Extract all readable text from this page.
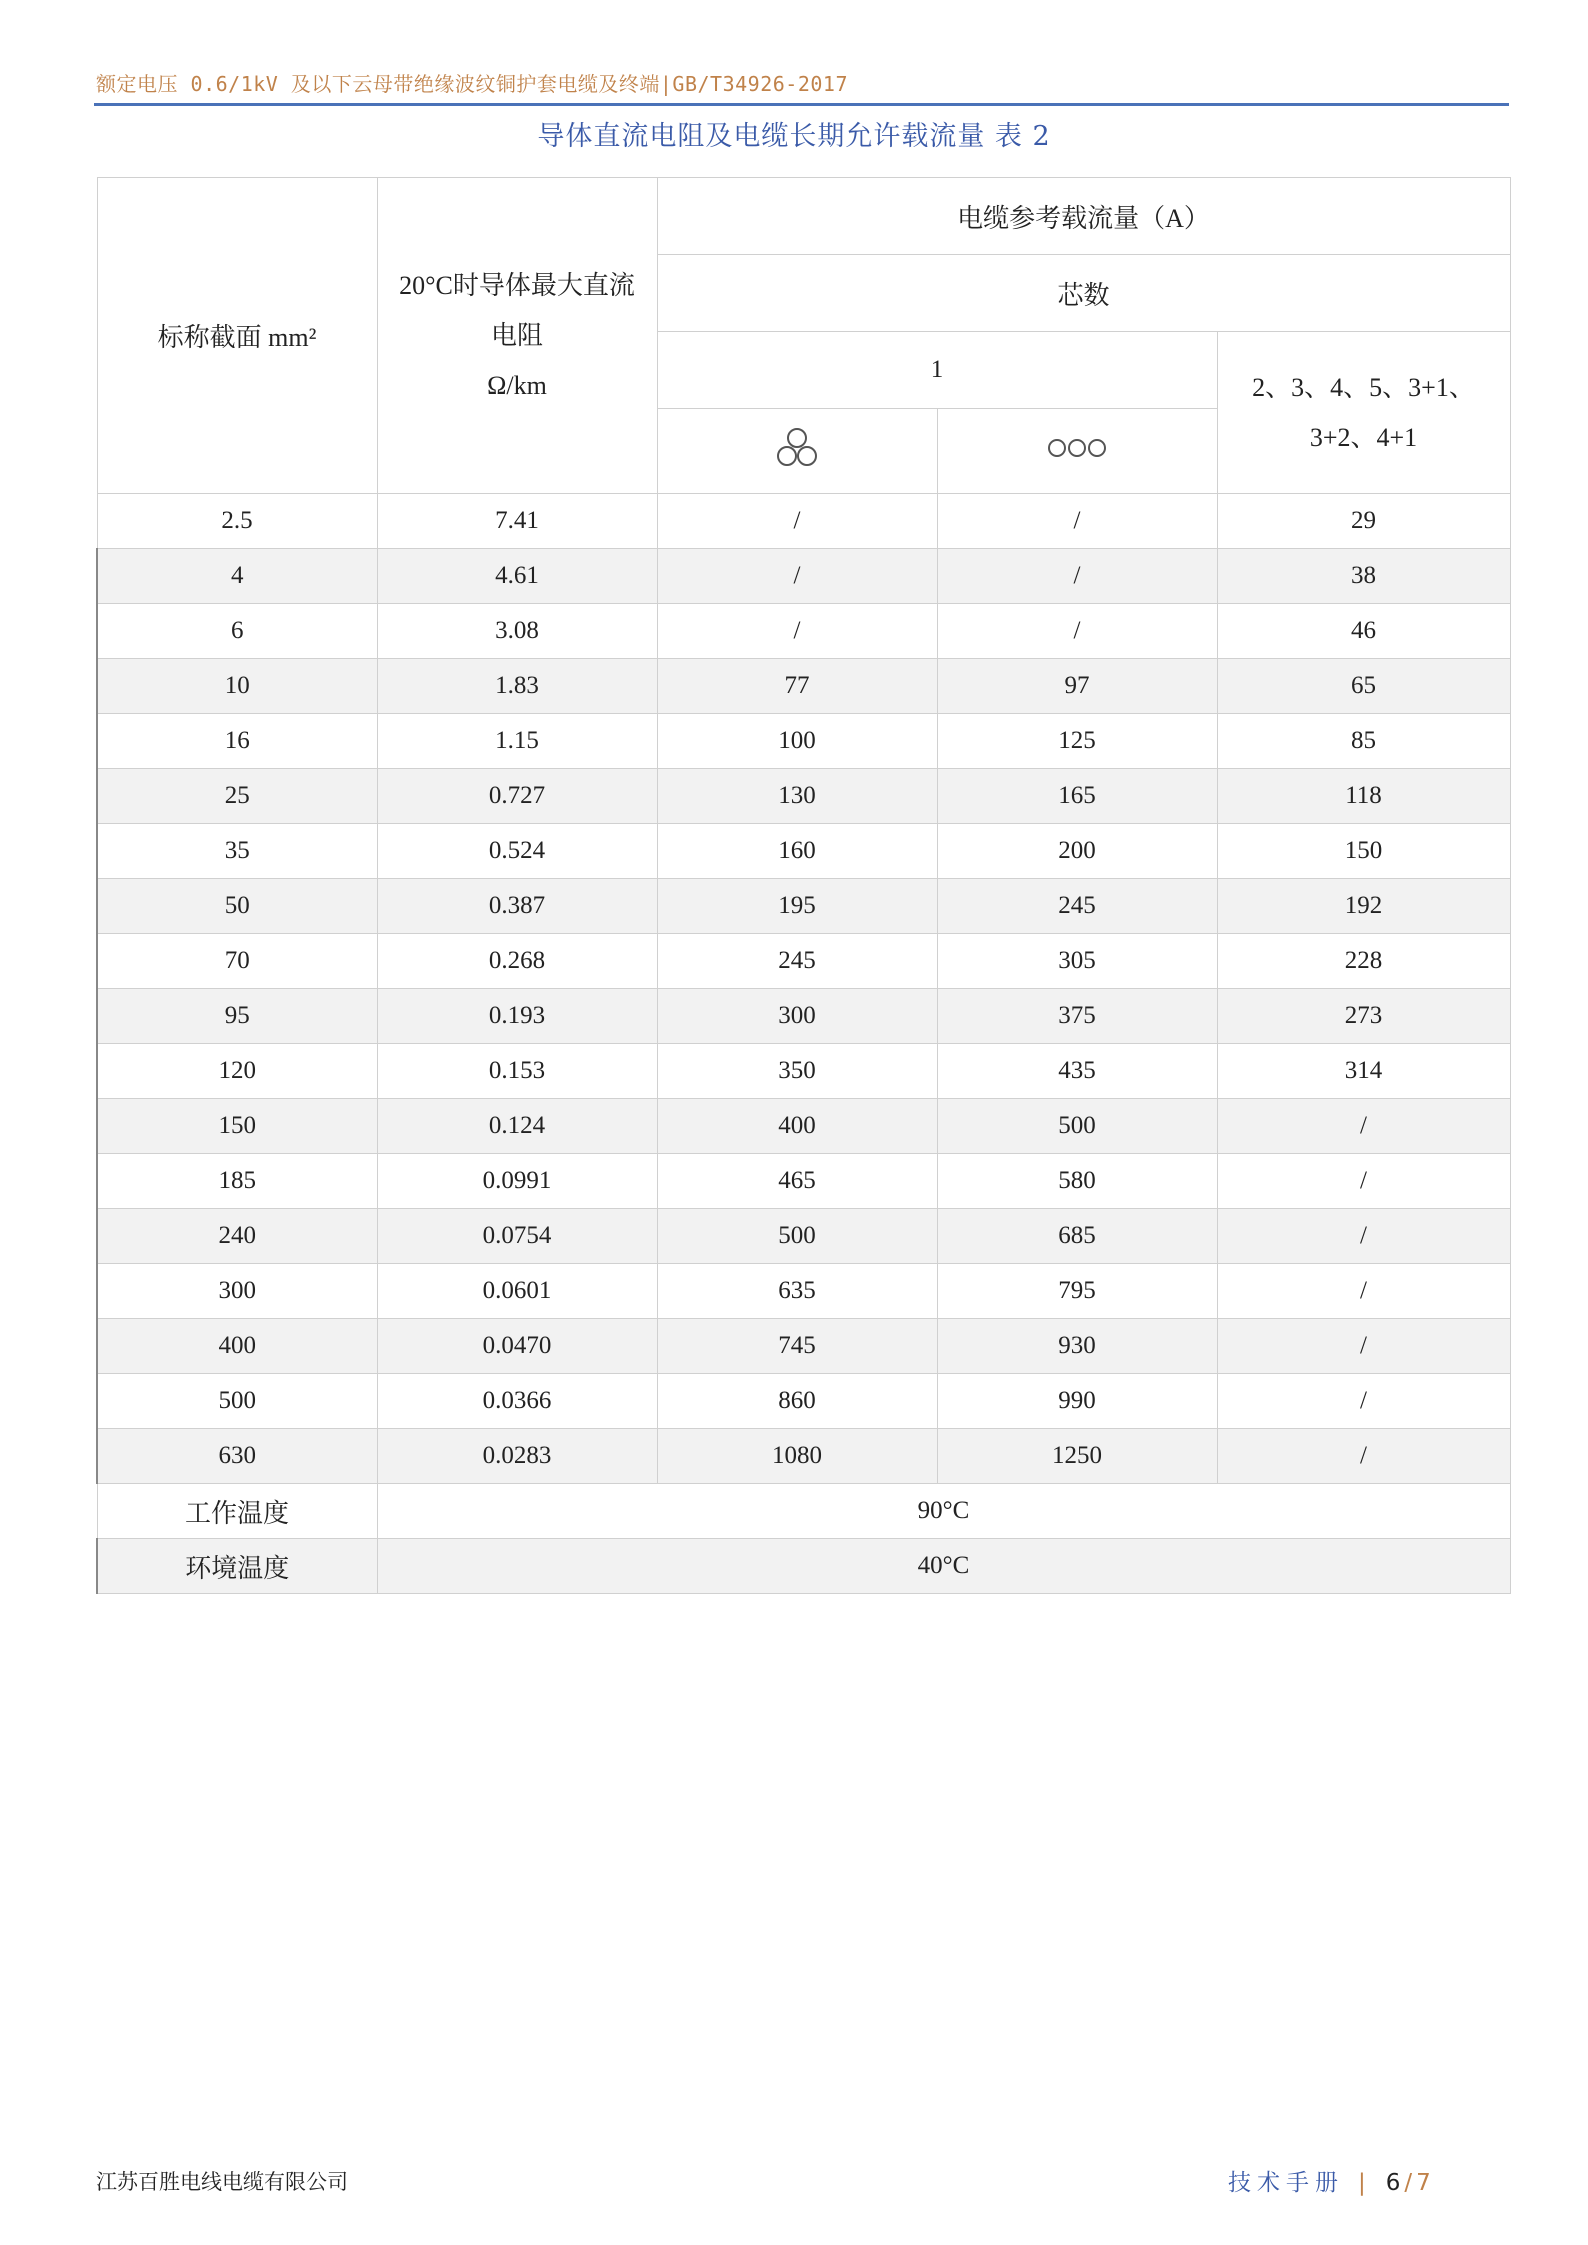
额定电压 0.6/1kV 及以下云母带绝缘波纹铜护套电缆及终端|GB/T34926-2017
导体直流电阻及电缆长期允许载流量 表 2
标称截面 mm²	20°C时导体最大直流
电阻
Ω/km	电缆参考载流量（A）		
		芯数		
		1		2、3、4、5、3+1、
3+2、4+1

2.5	7.41	/	/	29
4	4.61	/	/	38
6	3.08	/	/	46
10	1.83	77	97	65
16	1.15	100	125	85
25	0.727	130	165	118
35	0.524	160	200	150
50	0.387	195	245	192
70	0.268	245	305	228
95	0.193	300	375	273
120	0.153	350	435	314
150	0.124	400	500	/
185	0.0991	465	580	/
240	0.0754	500	685	/
300	0.0601	635	795	/
400	0.0470	745	930	/
500	0.0366	860	990	/
630	0.0283	1080	1250	/
工作温度	90°C			
环境温度	40°C			
江苏百胜电线电缆有限公司	技术手册 | 6 / 7
